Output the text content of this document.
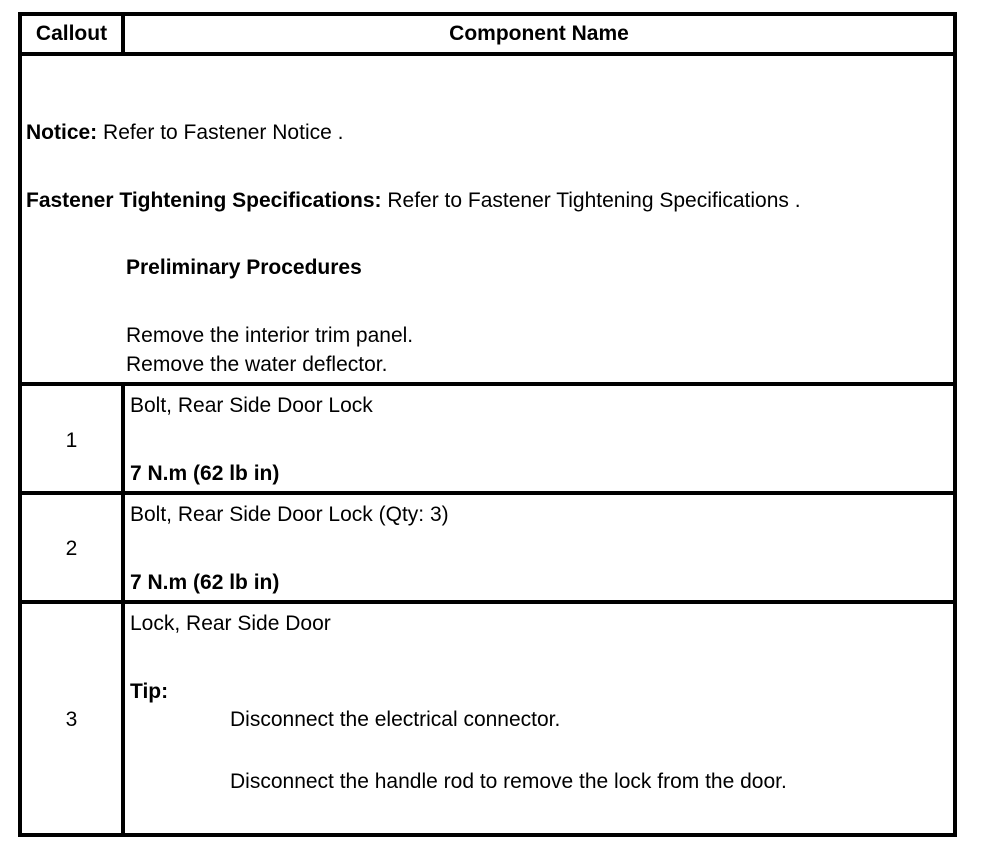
Callout	Component Name
Notice: Refer to Fastener Notice .
Fastener Tightening Specifications: Refer to Fastener Tightening Specifications .
Preliminary Procedures
Remove the interior trim panel.
Remove the water deflector.
1
Bolt, Rear Side Door Lock
7 N.m (62 lb in)
2
Bolt, Rear Side Door Lock (Qty: 3)
7 N.m (62 lb in)
3
Lock, Rear Side Door
Tip:
Disconnect the electrical connector.
Disconnect the handle rod to remove the lock from the door.
